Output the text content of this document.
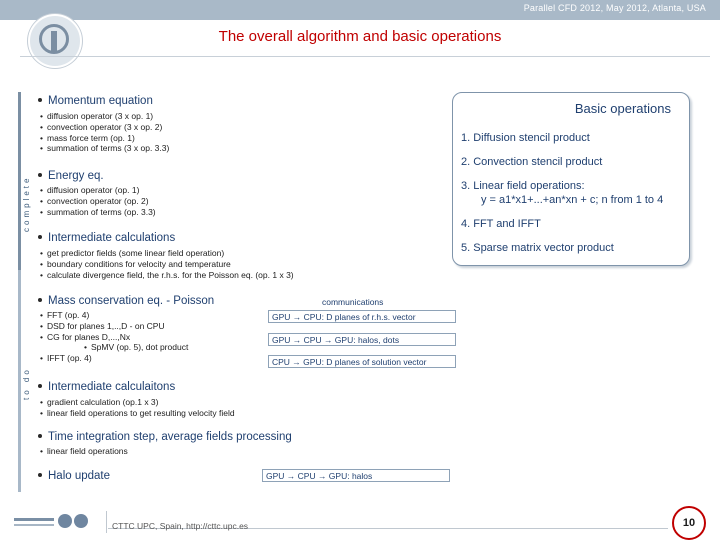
Parallel CFD 2012, May 2012, Atlanta, USA
The overall algorithm and basic operations
complete
to do
Momentum equation
• diffusion operator (3 x op. 1)
• convection operator (3 x op. 2)
• mass force term (op. 1)
• summation of terms (3 x op. 3.3)
Energy eq.
• diffusion operator (op. 1)
• convection operator (op. 2)
• summation of terms (op. 3.3)
Intermediate calculations
• get predictor fields (some linear field operation)
• boundary conditions for velocity and temperature
• calculate divergence field, the r.h.s. for the Poisson eq. (op. 1 x 3)
Mass conservation eq. - Poisson
• FFT (op. 4)
• DSD for planes 1,..,D - on CPU
• CG for planes D,...,Nx
• SpMV (op. 5), dot product
• IFFT (op. 4)
communications
GPU → CPU: D planes of r.h.s. vector
GPU → CPU → GPU: halos, dots
CPU → GPU: D planes of solution vector
Intermediate calculaitons
• gradient calculation (op.1 x 3)
• linear field operations to get resulting velocity field
Time integration step, average fields processing
• linear field operations
Halo update	GPU → CPU → GPU: halos
Basic operations
1. Diffusion stencil product
2. Convection stencil product
3. Linear field operations:
y = a1*x1+...+an*xn + c; n from 1 to 4
4. FFT and IFFT
5. Sparse matrix vector product
CTTC UPC, Spain, http://cttc.upc.es	10
